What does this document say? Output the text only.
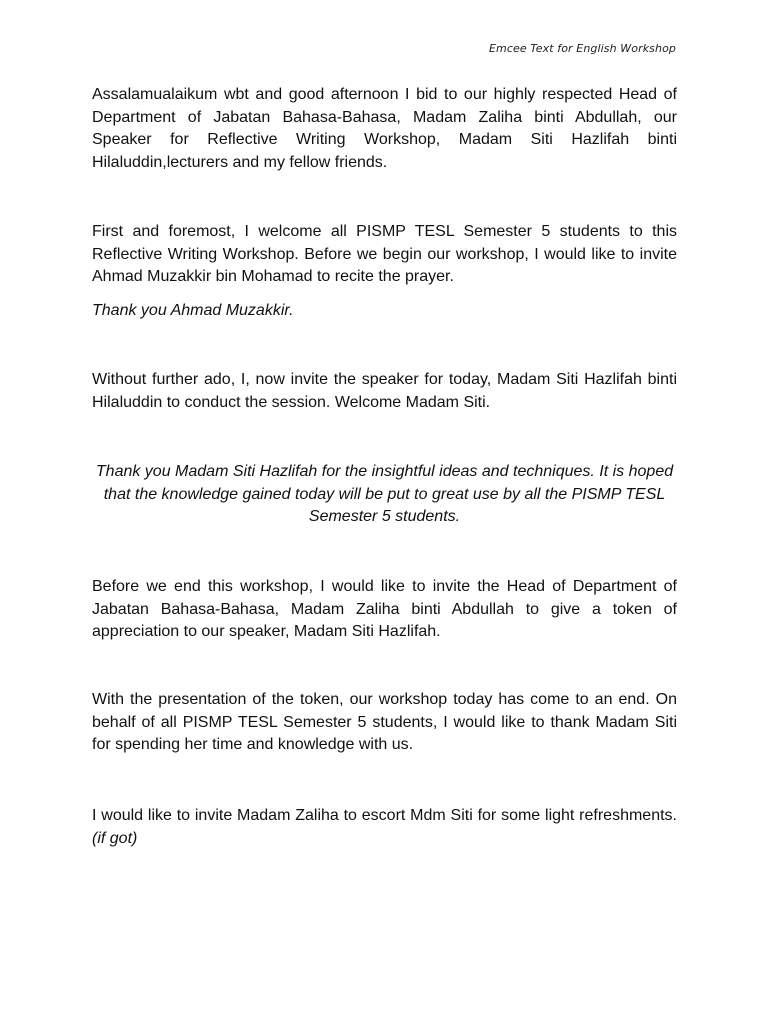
Emcee Text for English Workshop

Assalamualaikum wbt and good afternoon I bid to our highly respected Head of Department of Jabatan Bahasa-Bahasa, Madam Zaliha binti Abdullah, our Speaker for Reflective Writing Workshop, Madam Siti Hazlifah binti Hilaluddin,lecturers and my fellow friends.

First and foremost, I welcome all PISMP TESL Semester 5 students to this Reflective Writing Workshop. Before we begin our workshop, I would like to invite Ahmad Muzakkir bin Mohamad to recite the prayer.

Thank you Ahmad Muzakkir.

Without further ado, I, now invite the speaker for today, Madam Siti Hazlifah binti Hilaluddin to conduct the session. Welcome Madam Siti.

Thank you Madam Siti Hazlifah for the insightful ideas and techniques. It is hoped that the knowledge gained today will be put to great use by all the PISMP TESL Semester 5 students.

Before we end this workshop, I would like to invite the Head of Department of Jabatan Bahasa-Bahasa, Madam Zaliha binti Abdullah to give a token of appreciation to our speaker, Madam Siti Hazlifah.

With the presentation of the token, our workshop today has come to an end. On behalf of all PISMP TESL Semester 5 students, I would like to thank Madam Siti for spending her time and knowledge with us.

I would like to invite Madam Zaliha to escort Mdm Siti for some light refreshments. (if got)
